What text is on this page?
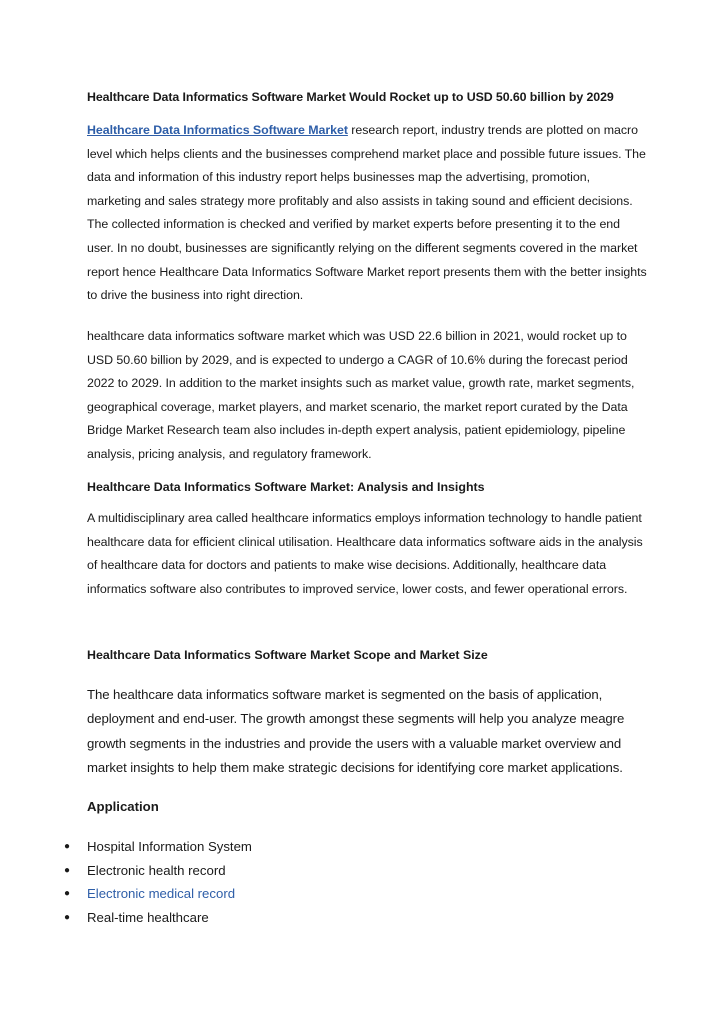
Healthcare Data Informatics Software Market Would Rocket up to USD 50.60 billion by 2029
Healthcare Data Informatics Software Market research report, industry trends are plotted on macro level which helps clients and the businesses comprehend market place and possible future issues. The data and information of this industry report helps businesses map the advertising, promotion, marketing and sales strategy more profitably and also assists in taking sound and efficient decisions. The collected information is checked and verified by market experts before presenting it to the end user. In no doubt, businesses are significantly relying on the different segments covered in the market report hence Healthcare Data Informatics Software Market report presents them with the better insights to drive the business into right direction.
healthcare data informatics software market which was USD 22.6 billion in 2021, would rocket up to USD 50.60 billion by 2029, and is expected to undergo a CAGR of 10.6% during the forecast period 2022 to 2029. In addition to the market insights such as market value, growth rate, market segments, geographical coverage, market players, and market scenario, the market report curated by the Data Bridge Market Research team also includes in-depth expert analysis, patient epidemiology, pipeline analysis, pricing analysis, and regulatory framework.
Healthcare Data Informatics Software Market: Analysis and Insights
A multidisciplinary area called healthcare informatics employs information technology to handle patient healthcare data for efficient clinical utilisation. Healthcare data informatics software aids in the analysis of healthcare data for doctors and patients to make wise decisions. Additionally, healthcare data informatics software also contributes to improved service, lower costs, and fewer operational errors.
Healthcare Data Informatics Software Market Scope and Market Size
The healthcare data informatics software market is segmented on the basis of application, deployment and end-user. The growth amongst these segments will help you analyze meagre growth segments in the industries and provide the users with a valuable market overview and market insights to help them make strategic decisions for identifying core market applications.
Application
● Hospital Information System
● Electronic health record
● Electronic medical record
● Real-time healthcare
